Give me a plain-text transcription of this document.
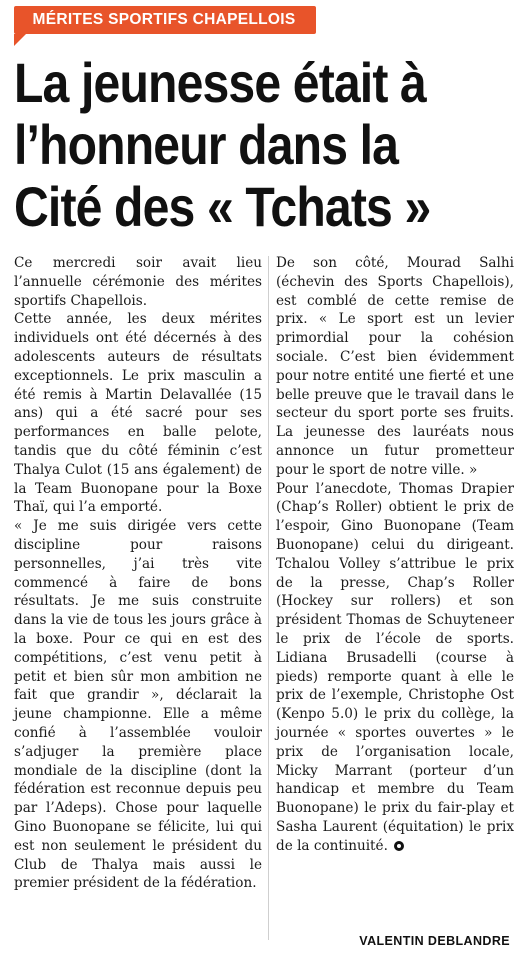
MÉRITES SPORTIFS CHAPELLOIS
La jeunesse était à
l’honneur dans la
Cité des « Tchats »

Ce mercredi soir avait lieu l’annuelle cérémonie des mérites sportifs Chapellois.

Cette année, les deux mérites individuels ont été décernés à des adolescents auteurs de résultats exceptionnels. Le prix masculin a été remis à Martin Delavallée (15 ans) qui a été sacré pour ses performances en balle pelote, tandis que du côté féminin c’est Thalya Culot (15 ans également) de la Team Buonopane pour la Boxe Thaï, qui l’a emporté.

« Je me suis dirigée vers cette discipline pour raisons personnelles, j’ai très vite commencé à faire de bons résultats. Je me suis construite dans la vie de tous les jours grâce à la boxe. Pour ce qui en est des compétitions, c’est venu petit à petit et bien sûr mon ambition ne fait que grandir », déclarait la jeune championne. Elle a même confié à l’assemblée vouloir s’adjuger la première place mondiale de la discipline (dont la fédération est reconnue depuis peu par l’Adeps). Chose pour laquelle Gino Buonopane se félicite, lui qui est non seulement le président du Club de Thalya mais aussi le premier président de la fédération.

De son côté, Mourad Salhi (échevin des Sports Chapellois), est comblé de cette remise de prix. « Le sport est un levier primordial pour la cohésion sociale. C’est bien évidemment pour notre entité une fierté et une belle preuve que le travail dans le secteur du sport porte ses fruits. La jeunesse des lauréats nous annonce un futur prometteur pour le sport de notre ville. »

Pour l’anecdote, Thomas Drapier (Chap’s Roller) obtient le prix de l’espoir, Gino Buonopane (Team Buonopane) celui du dirigeant. Tchalou Volley s’attribue le prix de la presse, Chap’s Roller (Hockey sur rollers) et son président Thomas de Schuyteneer le prix de l’école de sports. Lidiana Brusadelli (course à pieds) remporte quant à elle le prix de l’exemple, Christophe Ost (Kenpo 5.0) le prix du collège, la journée « sportes ouvertes » le prix de l’organisation locale, Micky Marrant (porteur d’un handicap et membre du Team Buonopane) le prix du fair-play et Sasha Laurent (équitation) le prix de la continuité.

VALENTIN DEBLANDRE
